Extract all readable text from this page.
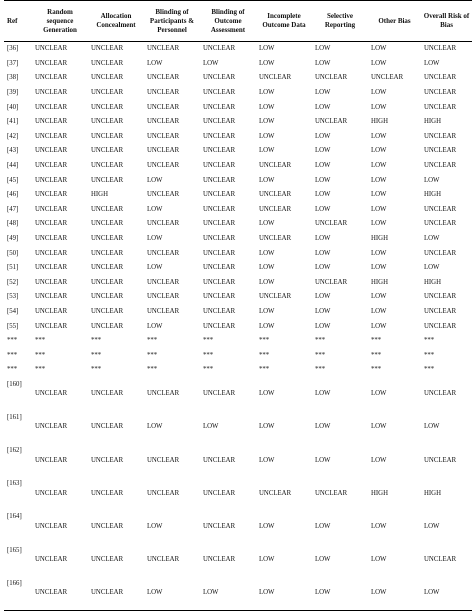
Ref	Random sequence Generation	Allocation Concealment	Blinding of Participants & Personnel	Blinding of Outcome Assessment	Incomplete Outcome Data	Selective Reporting	Other Bias	Overall Risk of Bias
[36]	UNCLEAR	UNCLEAR	UNCLEAR	UNCLEAR	LOW	LOW	LOW	UNCLEAR
[37]	UNCLEAR	UNCLEAR	LOW	LOW	LOW	LOW	LOW	LOW
[38]	UNCLEAR	UNCLEAR	UNCLEAR	UNCLEAR	UNCLEAR	UNCLEAR	UNCLEAR	UNCLEAR
[39]	UNCLEAR	UNCLEAR	UNCLEAR	UNCLEAR	LOW	LOW	LOW	UNCLEAR
[40]	UNCLEAR	UNCLEAR	UNCLEAR	UNCLEAR	LOW	LOW	LOW	UNCLEAR
[41]	UNCLEAR	UNCLEAR	UNCLEAR	UNCLEAR	LOW	UNCLEAR	HIGH	HIGH
[42]	UNCLEAR	UNCLEAR	UNCLEAR	UNCLEAR	LOW	LOW	LOW	UNCLEAR
[43]	UNCLEAR	UNCLEAR	UNCLEAR	UNCLEAR	LOW	LOW	LOW	UNCLEAR
[44]	UNCLEAR	UNCLEAR	UNCLEAR	UNCLEAR	UNCLEAR	LOW	LOW	UNCLEAR
[45]	UNCLEAR	UNCLEAR	LOW	UNCLEAR	LOW	LOW	LOW	LOW
[46]	UNCLEAR	HIGH	UNCLEAR	UNCLEAR	UNCLEAR	LOW	LOW	HIGH
[47]	UNCLEAR	UNCLEAR	LOW	UNCLEAR	UNCLEAR	LOW	LOW	UNCLEAR
[48]	UNCLEAR	UNCLEAR	UNCLEAR	UNCLEAR	LOW	UNCLEAR	LOW	UNCLEAR
[49]	UNCLEAR	UNCLEAR	LOW	UNCLEAR	UNCLEAR	LOW	HIGH	LOW
[50]	UNCLEAR	UNCLEAR	UNCLEAR	UNCLEAR	LOW	LOW	LOW	UNCLEAR
[51]	UNCLEAR	UNCLEAR	LOW	UNCLEAR	LOW	LOW	LOW	LOW
[52]	UNCLEAR	UNCLEAR	UNCLEAR	UNCLEAR	LOW	UNCLEAR	HIGH	HIGH
[53]	UNCLEAR	UNCLEAR	UNCLEAR	UNCLEAR	UNCLEAR	LOW	LOW	UNCLEAR
[54]	UNCLEAR	UNCLEAR	UNCLEAR	UNCLEAR	LOW	LOW	LOW	UNCLEAR
[55]	UNCLEAR	UNCLEAR	LOW	UNCLEAR	LOW	LOW	LOW	UNCLEAR
***	***	***	***	***	***	***	***	***
***	***	***	***	***	***	***	***	***
***	***	***	***	***	***	***	***	***
[160]	UNCLEAR	UNCLEAR	UNCLEAR	UNCLEAR	LOW	LOW	LOW	UNCLEAR
[161]	UNCLEAR	UNCLEAR	LOW	LOW	LOW	LOW	LOW	LOW
[162]	UNCLEAR	UNCLEAR	UNCLEAR	UNCLEAR	LOW	LOW	LOW	UNCLEAR
[163]	UNCLEAR	UNCLEAR	UNCLEAR	UNCLEAR	UNCLEAR	UNCLEAR	HIGH	HIGH
[164]	UNCLEAR	UNCLEAR	LOW	UNCLEAR	LOW	LOW	LOW	LOW
[165]	UNCLEAR	UNCLEAR	UNCLEAR	UNCLEAR	LOW	LOW	LOW	UNCLEAR
[166]	UNCLEAR	UNCLEAR	LOW	LOW	LOW	LOW	LOW	LOW
